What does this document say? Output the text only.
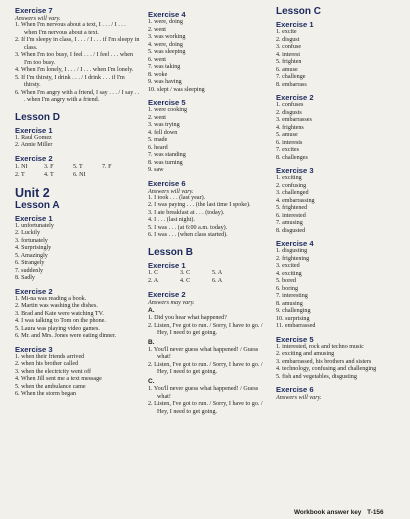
Exercise 7
Answers will vary.
1. When I'm nervous about a text, I . . . / I . . . when I'm nervous about a text.
2. If I'm sleepy in class, I . . . / I . . . if I'm sleepy in class.
3. When I'm too busy, I feel . . . / I feel . . . when I'm too busy.
4. When I'm lonely, I . . . / I . . . when I'm lonely.
5. If I'm thirsty, I drink . . . / I drink . . . if I'm thirsty.
6. When I'm angry with a friend, I say . . . / I say . . . when I'm angry with a friend.
Lesson D
Exercise 1
1. Raul Gomez
2. Annie Miller
Exercise 2
1. NI	3. F	5. T	7. F
2. T	4. T	6. NI
Unit 2
Lesson A
Exercise 1
1. unfortunately
2. Luckily
3. fortunately
4. Surprisingly
5. Amazingly
6. Strangely
7. suddenly
8. Sadly
Exercise 2
1. Mi-na was reading a book.
2. Martin was washing the dishes.
3. Brad and Kate were watching TV.
4. I was talking to Tom on the phone.
5. Laura was playing video games.
6. Mr. and Mrs. Jones were eating dinner.
Exercise 3
1. when their friends arrived
2. when his brother called
3. when the electricity went off
4. When Jill sent me a text message
5. when the ambulance came
6. When the storm began
Exercise 4
1. were, doing
2. went
3. was working
4. were, doing
5. was sleeping
6. went
7. was taking
8. woke
9. was having
10. slept / was sleeping
Exercise 5
1. were cooking
2. went
3. was trying
4. fell down
5. made
6. heard
7. was standing
8. was turning
9. saw
Exercise 6
Answers will vary.
1. I took . . . (last year).
2. I was paying . . . (the last time I spoke).
3. I ate breakfast at . . . (today).
4. I . . . (last night).
5. I was . . . (at 6:00 a.m. today).
6. I was . . . (when class started).
Lesson B
Exercise 1
1. C	3. C	5. A
2. A	4. C	6. A
Exercise 2
Answers may vary.
A.
1. Did you hear what happened?
2. Listen, I've got to run. / Sorry, I have to go. / Hey, I need to get going.
B.
1. You'll never guess what happened! / Guess what!
2. Listen, I've got to run. / Sorry, I have to go. / Hey, I need to get going.
C.
1. You'll never guess what happened! / Guess what!
2. Listen, I've got to run. / Sorry, I have to go. / Hey, I need to get going.
Lesson C
Exercise 1
1. excite
2. disgust
3. confuse
4. interest
5. frighten
6. amuse
7. challenge
8. embarrass
Exercise 2
1. confuses
2. disgusts
3. embarrasses
4. frightens
5. amuse
6. interests
7. excites
8. challenges
Exercise 3
1. exciting
2. confusing
3. challenged
4. embarrassing
5. frightened
6. interested
7. amusing
8. disgusted
Exercise 4
1. disgusting
2. frightening
3. excited
4. exciting
5. bored
6. boring
7. interesting
8. amusing
9. challenging
10. surprising
11. embarrassed
Exercise 5
1. interested, rock and techno music
2. exciting and amusing
3. embarrassed, his brothers and sisters
4. technology, confusing and challenging
5. fish and vegetables, disgusting
Exercise 6
Answers will vary.
Workbook answer key T-156
